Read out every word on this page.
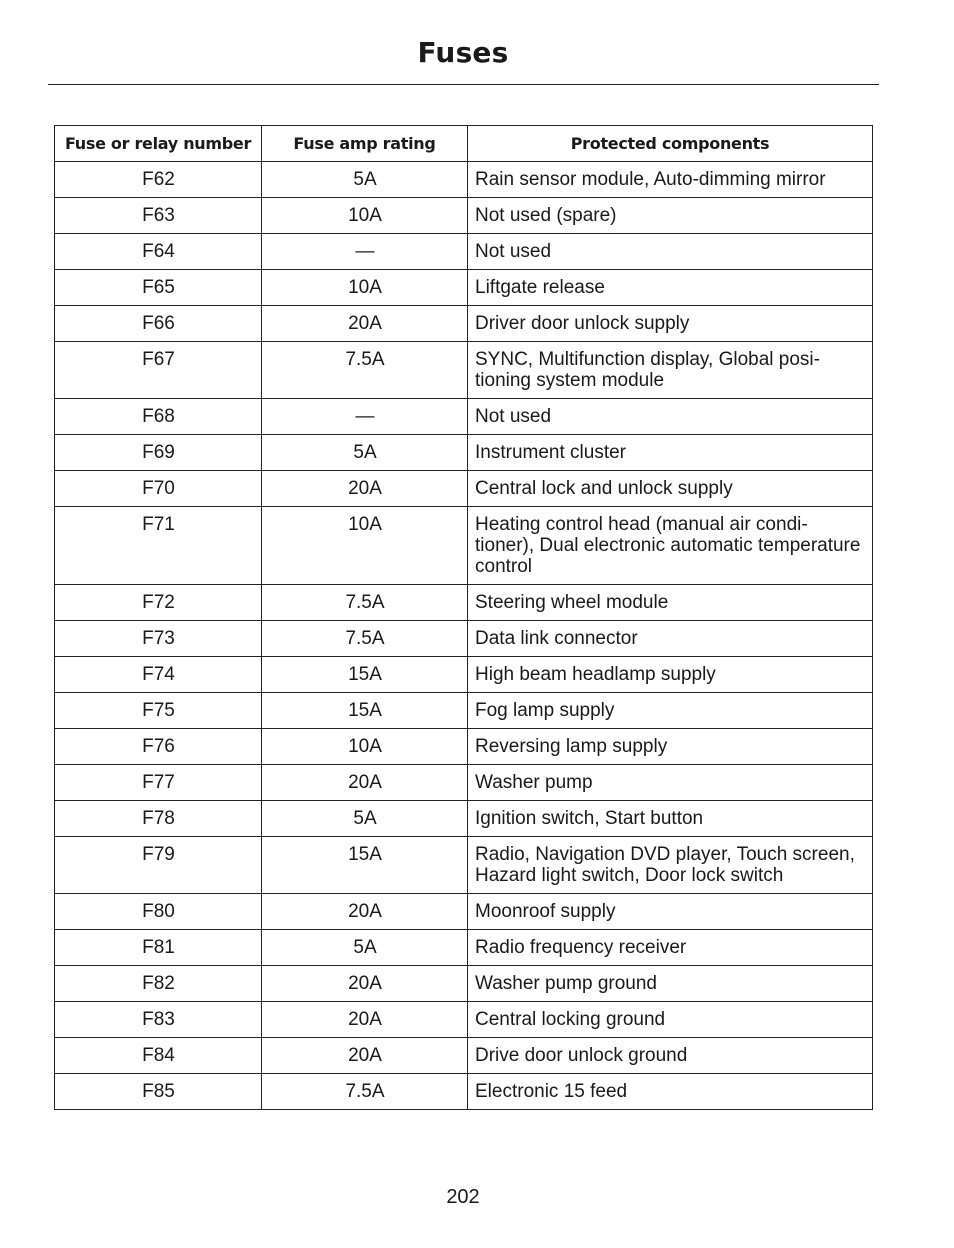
Fuses
Fuse or relay number	Fuse amp rating	Protected components
F62	5A	Rain sensor module, Auto-dimming mirror
F63	10A	Not used (spare)
F64	—	Not used
F65	10A	Liftgate release
F66	20A	Driver door unlock supply
F67	7.5A	SYNC, Multifunction display, Global posi-tioning system module
F68	—	Not used
F69	5A	Instrument cluster
F70	20A	Central lock and unlock supply
F71	10A	Heating control head (manual air condi-tioner), Dual electronic automatic temperature control
F72	7.5A	Steering wheel module
F73	7.5A	Data link connector
F74	15A	High beam headlamp supply
F75	15A	Fog lamp supply
F76	10A	Reversing lamp supply
F77	20A	Washer pump
F78	5A	Ignition switch, Start button
F79	15A	Radio, Navigation DVD player, Touch screen, Hazard light switch, Door lock switch
F80	20A	Moonroof supply
F81	5A	Radio frequency receiver
F82	20A	Washer pump ground
F83	20A	Central locking ground
F84	20A	Drive door unlock ground
F85	7.5A	Electronic 15 feed
202
